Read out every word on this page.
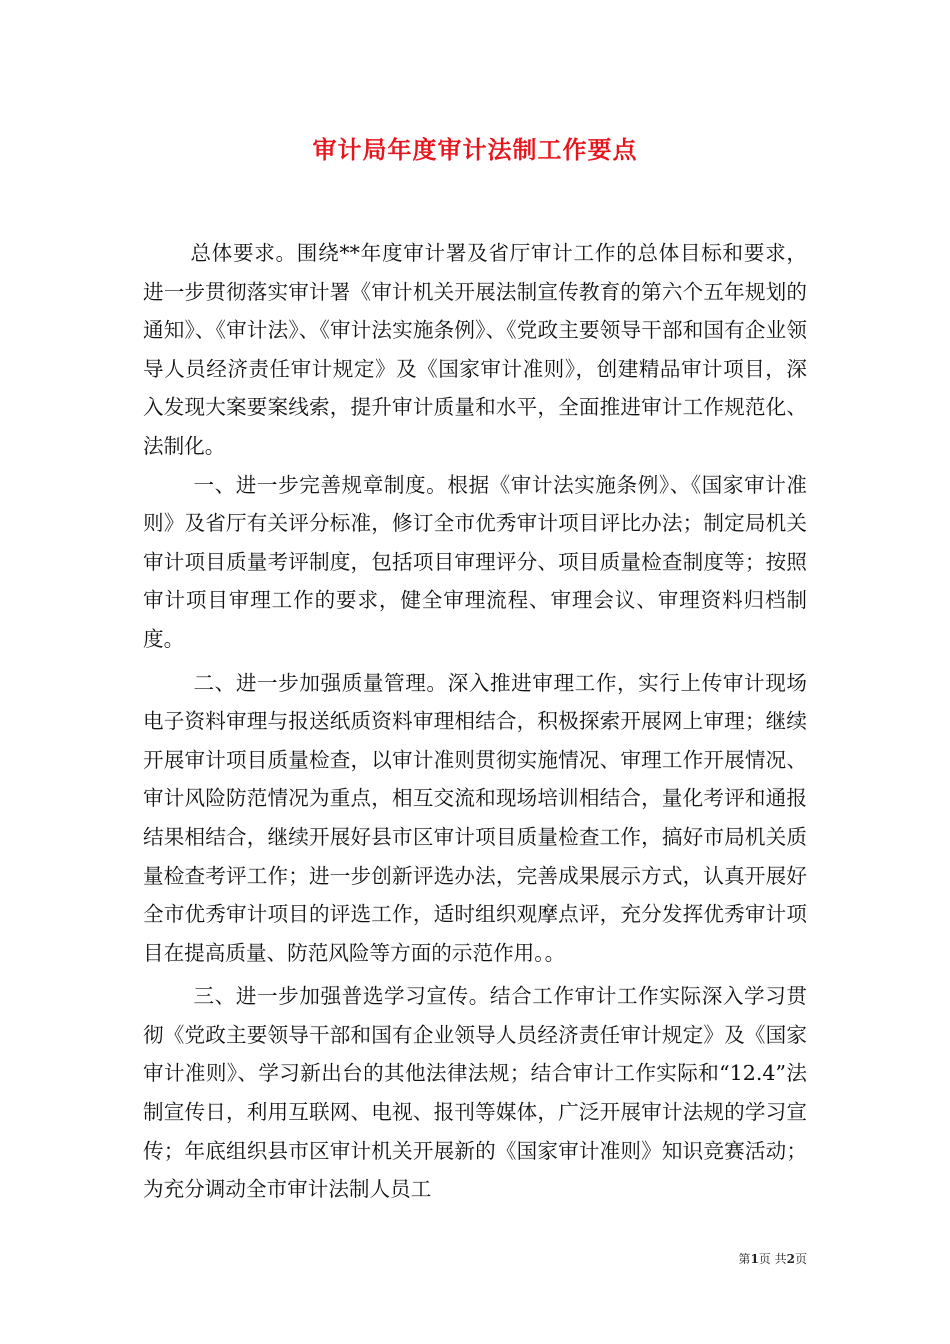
审计局年度审计法制工作要点

总体要求。围绕**年度审计署及省厅审计工作的总体目标和要求，进一步贯彻落实审计署《审计机关开展法制宣传教育的第六个五年规划的通知》、《审计法》、《审计法实施条例》、《党政主要领导干部和国有企业领导人员经济责任审计规定》及《国家审计准则》，创建精品审计项目，深入发现大案要案线索，提升审计质量和水平，全面推进审计工作规范化、法制化。

一、进一步完善规章制度。根据《审计法实施条例》、《国家审计准则》及省厅有关评分标准，修订全市优秀审计项目评比办法；制定局机关审计项目质量考评制度，包括项目审理评分、项目质量检查制度等；按照审计项目审理工作的要求，健全审理流程、审理会议、审理资料归档制度。

二、进一步加强质量管理。深入推进审理工作，实行上传审计现场电子资料审理与报送纸质资料审理相结合，积极探索开展网上审理；继续开展审计项目质量检查，以审计准则贯彻实施情况、审理工作开展情况、审计风险防范情况为重点，相互交流和现场培训相结合，量化考评和通报结果相结合，继续开展好县市区审计项目质量检查工作，搞好市局机关质量检查考评工作；进一步创新评选办法，完善成果展示方式，认真开展好全市优秀审计项目的评选工作，适时组织观摩点评，充分发挥优秀审计项目在提高质量、防范风险等方面的示范作用。。

三、进一步加强普选学习宣传。结合工作审计工作实际深入学习贯彻《党政主要领导干部和国有企业领导人员经济责任审计规定》及《国家审计准则》、学习新出台的其他法律法规；结合审计工作实际和“12.4”法制宣传日，利用互联网、电视、报刊等媒体，广泛开展审计法规的学习宣传；年底组织县市区审计机关开展新的《国家审计准则》知识竞赛活动；为充分调动全市审计法制人员工

第1页 共2页
